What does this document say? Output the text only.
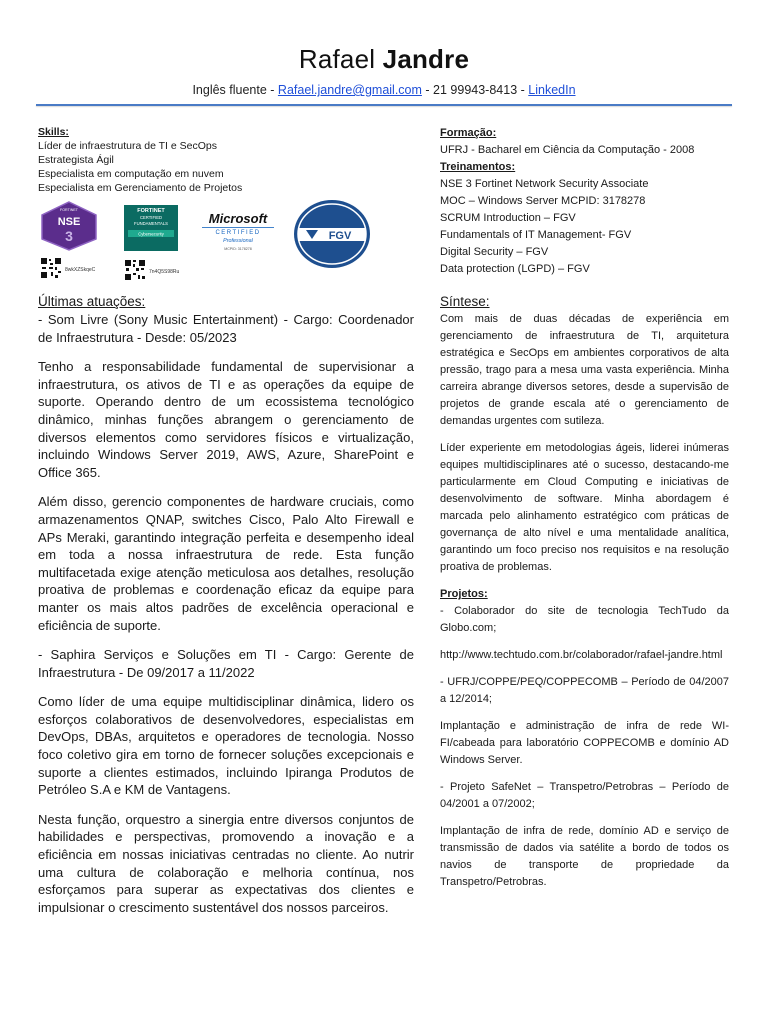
Rafael Jandre
Inglês fluente - Rafael.jandre@gmail.com - 21 99943-8413 - LinkedIn
Skills:
Líder de infraestrutura de TI e SecOps
Estrategista Ágil
Especialista em computação em nuvem
Especialista em Gerenciamento de Projetos
FORTINET
NSE
3
FORTINET
CERTIFIED
FUNDAMENTALS
Cybersecurity
Microsoft
CERTIFIED
Professional
MCPID: 3178278
FGV
8wkXZSkqeC	7n4Q5S98Ru

Últimas atuações:

- Som Livre (Sony Music Entertainment) - Cargo: Coordenador de Infraestrutura - Desde: 05/2023

Tenho a responsabilidade fundamental de supervisionar a infraestrutura, os ativos de TI e as operações da equipe de suporte. Operando dentro de um ecossistema tecnológico dinâmico, minhas funções abrangem o gerenciamento de diversos elementos como servidores físicos e virtualização, incluindo Windows Server 2019, AWS, Azure, SharePoint e Office 365.

Além disso, gerencio componentes de hardware cruciais, como armazenamentos QNAP, switches Cisco, Palo Alto Firewall e APs Meraki, garantindo integração perfeita e desempenho ideal em toda a nossa infraestrutura de rede. Esta função multifacetada exige atenção meticulosa aos detalhes, resolução proativa de problemas e coordenação eficaz da equipe para manter os mais altos padrões de excelência operacional e eficiência de suporte.

- Saphira Serviços e Soluções em TI - Cargo: Gerente de Infraestrutura - De 09/2017 a 11/2022

Como líder de uma equipe multidisciplinar dinâmica, lidero os esforços colaborativos de desenvolvedores, especialistas em DevOps, DBAs, arquitetos e operadores de tecnologia. Nosso foco coletivo gira em torno de fornecer soluções excepcionais e suporte a clientes estimados, incluindo Ipiranga Produtos de Petróleo S.A e KM de Vantagens.

Nesta função, orquestro a sinergia entre diversos conjuntos de habilidades e perspectivas, promovendo a inovação e a eficiência em nossas iniciativas centradas no cliente. Ao nutrir uma cultura de colaboração e melhoria contínua, nos esforçamos para superar as expectativas dos clientes e impulsionar o crescimento sustentável dos nossos parceiros.

Formação:
UFRJ - Bacharel em Ciência da Computação - 2008
Treinamentos:
NSE 3 Fortinet Network Security Associate
MOC – Windows Server MCPID: 3178278
SCRUM Introduction – FGV
Fundamentals of IT Management- FGV
Digital Security – FGV
Data protection (LGPD) – FGV

Síntese:

Com mais de duas décadas de experiência em gerenciamento de infraestrutura de TI, arquitetura estratégica e SecOps em ambientes corporativos de alta pressão, trago para a mesa uma vasta experiência. Minha carreira abrange diversos setores, desde a supervisão de projetos de grande escala até o gerenciamento de demandas urgentes com sutileza.

Líder experiente em metodologias ágeis, liderei inúmeras equipes multidisciplinares até o sucesso, destacando-me particularmente em Cloud Computing e iniciativas de desenvolvimento de software. Minha abordagem é marcada pelo alinhamento estratégico com práticas de governança de alto nível e uma mentalidade analítica, garantindo um foco preciso nos requisitos e na resolução proativa de problemas.

Projetos:

- Colaborador do site de tecnologia TechTudo da Globo.com;

http://www.techtudo.com.br/colaborador/rafael-jandre.html

- UFRJ/COPPE/PEQ/COPPECOMB – Período de 04/2007 a 12/2014;

Implantação e administração de infra de rede WI-FI/cabeada para laboratório COPPECOMB e domínio AD Windows Server.

- Projeto SafeNet – Transpetro/Petrobras – Período de 04/2001 a 07/2002;

Implantação de infra de rede, domínio AD e serviço de transmissão de dados via satélite a bordo de todos os navios de transporte de propriedade da Transpetro/Petrobras.
